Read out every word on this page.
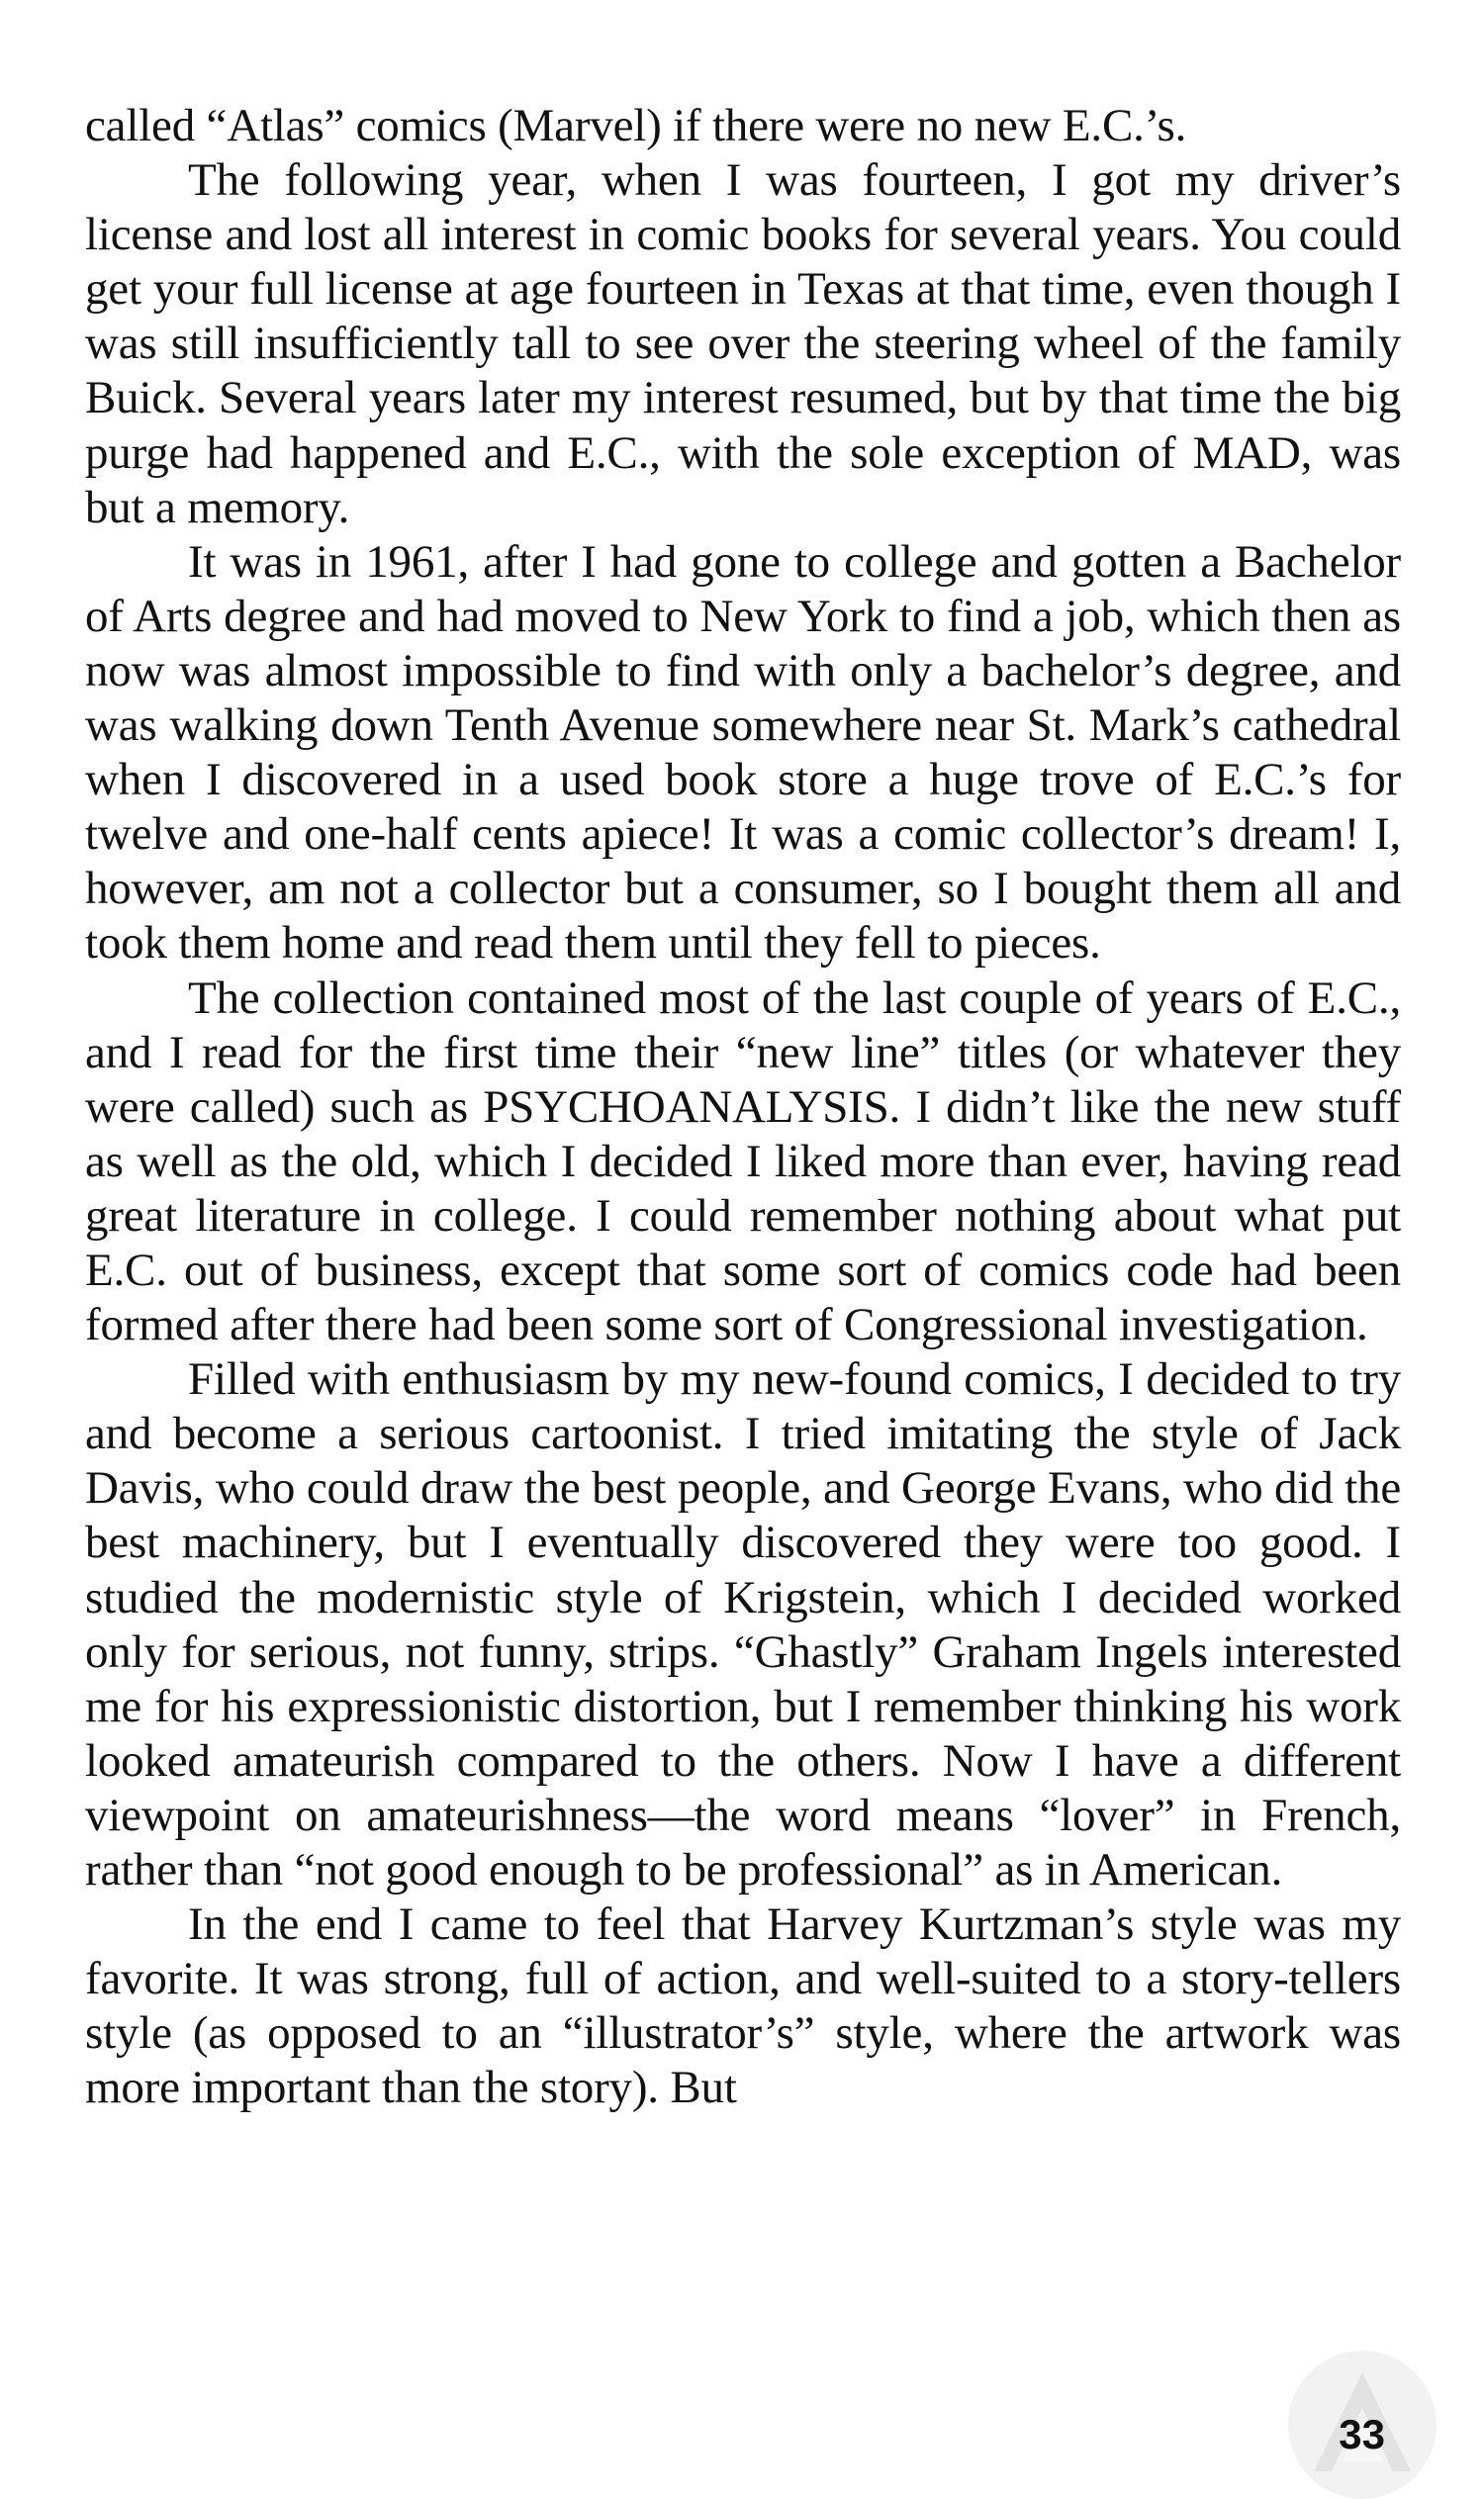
called “Atlas” comics (Marvel) if there were no new E.C.’s.

The following year, when I was fourteen, I got my driver’s license and lost all interest in comic books for several years. You could get your full license at age fourteen in Texas at that time, even though I was still insufficiently tall to see over the steering wheel of the family Buick. Several years later my interest resumed, but by that time the big purge had happened and E.C., with the sole exception of MAD, was but a memory.

It was in 1961, after I had gone to college and gotten a Bachelor of Arts degree and had moved to New York to find a job, which then as now was almost impossible to find with only a bachelor’s degree, and was walking down Tenth Avenue somewhere near St. Mark’s cathedral when I discovered in a used book store a huge trove of E.C.’s for twelve and one-half cents apiece! It was a comic collector’s dream! I, however, am not a collector but a consumer, so I bought them all and took them home and read them until they fell to pieces.

The collection contained most of the last couple of years of E.C., and I read for the first time their “new line” titles (or whatever they were called) such as PSYCHOANALYSIS. I didn’t like the new stuff as well as the old, which I decided I liked more than ever, having read great literature in college. I could remember nothing about what put E.C. out of business, except that some sort of comics code had been formed after there had been some sort of Congressional investigation.

Filled with enthusiasm by my new-found comics, I decided to try and become a serious cartoonist. I tried imitating the style of Jack Davis, who could draw the best people, and George Evans, who did the best machinery, but I eventually discovered they were too good. I studied the modernistic style of Krigstein, which I decided worked only for serious, not funny, strips. “Ghastly” Graham Ingels interested me for his expressionistic distortion, but I remember thinking his work looked amateurish compared to the others. Now I have a different viewpoint on amateurishness—the word means “lover” in French, rather than “not good enough to be professional” as in American.

In the end I came to feel that Harvey Kurtzman’s style was my favorite. It was strong, full of action, and well-suited to a story-tellers style (as opposed to an “illustrator’s” style, where the artwork was more important than the story). But

33
